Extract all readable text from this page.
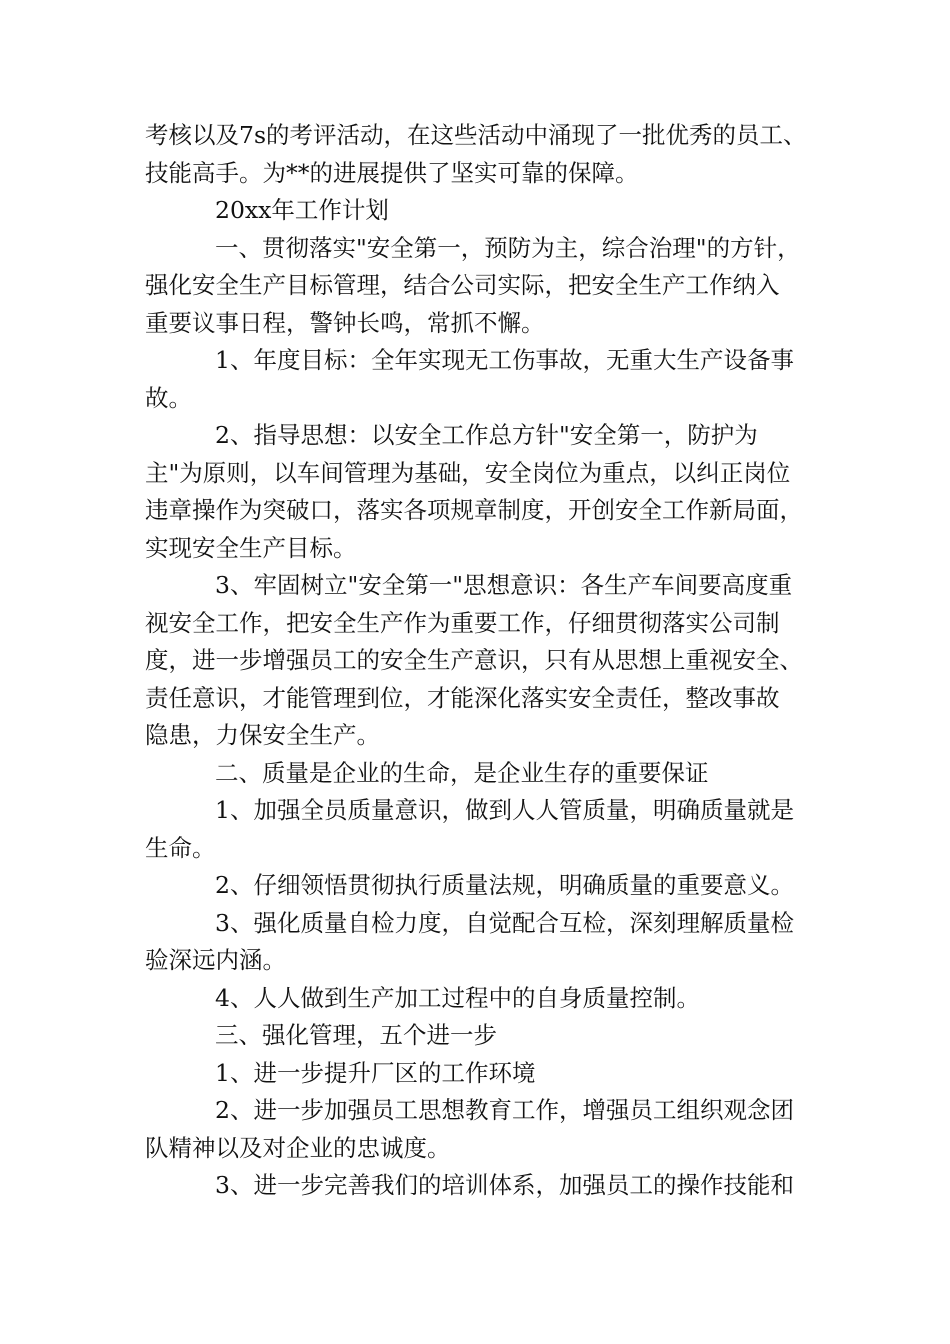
考核以及7s的考评活动，在这些活动中涌现了一批优秀的员工、
技能高手。为**的进展提供了坚实可靠的保障。
20xx年工作计划
一、贯彻落实"安全第一，预防为主，综合治理"的方针，
强化安全生产目标管理，结合公司实际，把安全生产工作纳入
重要议事日程，警钟长鸣，常抓不懈。
1、年度目标：全年实现无工伤事故，无重大生产设备事
故。
2、指导思想：以安全工作总方针"安全第一，防护为
主"为原则，以车间管理为基础，安全岗位为重点，以纠正岗位
违章操作为突破口，落实各项规章制度，开创安全工作新局面，
实现安全生产目标。
3、牢固树立"安全第一"思想意识：各生产车间要高度重
视安全工作，把安全生产作为重要工作，仔细贯彻落实公司制
度，进一步增强员工的安全生产意识，只有从思想上重视安全、
责任意识，才能管理到位，才能深化落实安全责任，整改事故
隐患，力保安全生产。
二、质量是企业的生命，是企业生存的重要保证
1、加强全员质量意识，做到人人管质量，明确质量就是
生命。
2、仔细领悟贯彻执行质量法规，明确质量的重要意义。
3、强化质量自检力度，自觉配合互检，深刻理解质量检
验深远内涵。
4、人人做到生产加工过程中的自身质量控制。
三、强化管理，五个进一步
1、进一步提升厂区的工作环境
2、进一步加强员工思想教育工作，增强员工组织观念团
队精神以及对企业的忠诚度。
3、进一步完善我们的培训体系，加强员工的操作技能和
